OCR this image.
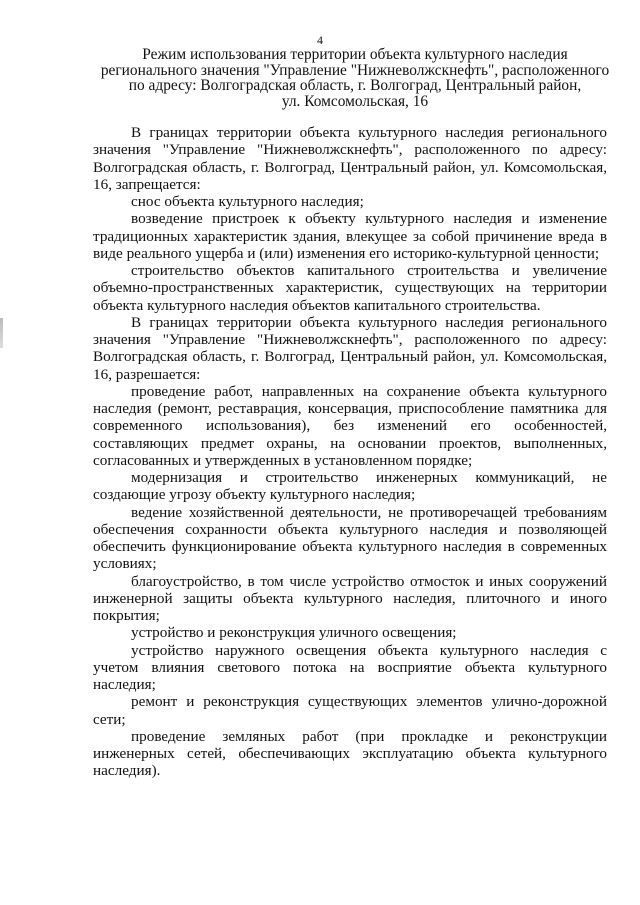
4
Режим использования территории объекта культурного наследия
регионального значения "Управление "Нижневолжскнефть", расположенного
по адресу: Волгоградская область, г. Волгоград, Центральный район,
ул. Комсомольская, 16

В границах территории объекта культурного наследия регионального значения "Управление "Нижневолжскнефть", расположенного по адресу: Волгоградская область, г. Волгоград, Центральный район, ул. Комсомольская, 16, запрещается:

снос объекта культурного наследия;

возведение пристроек к объекту культурного наследия и изменение традиционных характеристик здания, влекущее за собой причинение вреда в виде реального ущерба и (или) изменения его историко-культурной ценности;

строительство объектов капитального строительства и увеличение объемно-пространственных характеристик, существующих на территории объекта культурного наследия объектов капитального строительства.

В границах территории объекта культурного наследия регионального значения "Управление "Нижневолжскнефть", расположенного по адресу: Волгоградская область, г. Волгоград, Центральный район, ул. Комсомольская, 16, разрешается:

проведение работ, направленных на сохранение объекта культурного наследия (ремонт, реставрация, консервация, приспособление памятника для современного использования), без изменений его особенностей, составляющих предмет охраны, на основании проектов, выполненных, согласованных и утвержденных в установленном порядке;

модернизация и строительство инженерных коммуникаций, не создающие угрозу объекту культурного наследия;

ведение хозяйственной деятельности, не противоречащей требованиям обеспечения сохранности объекта культурного наследия и позволяющей обеспечить функционирование объекта культурного наследия в современных условиях;

благоустройство, в том числе устройство отмосток и иных сооружений инженерной защиты объекта культурного наследия, плиточного и иного покрытия;

устройство и реконструкция уличного освещения;

устройство наружного освещения объекта культурного наследия с учетом влияния светового потока на восприятие объекта культурного наследия;

ремонт и реконструкция существующих элементов улично-дорожной сети;

проведение земляных работ (при прокладке и реконструкции инженерных сетей, обеспечивающих эксплуатацию объекта культурного наследия).
